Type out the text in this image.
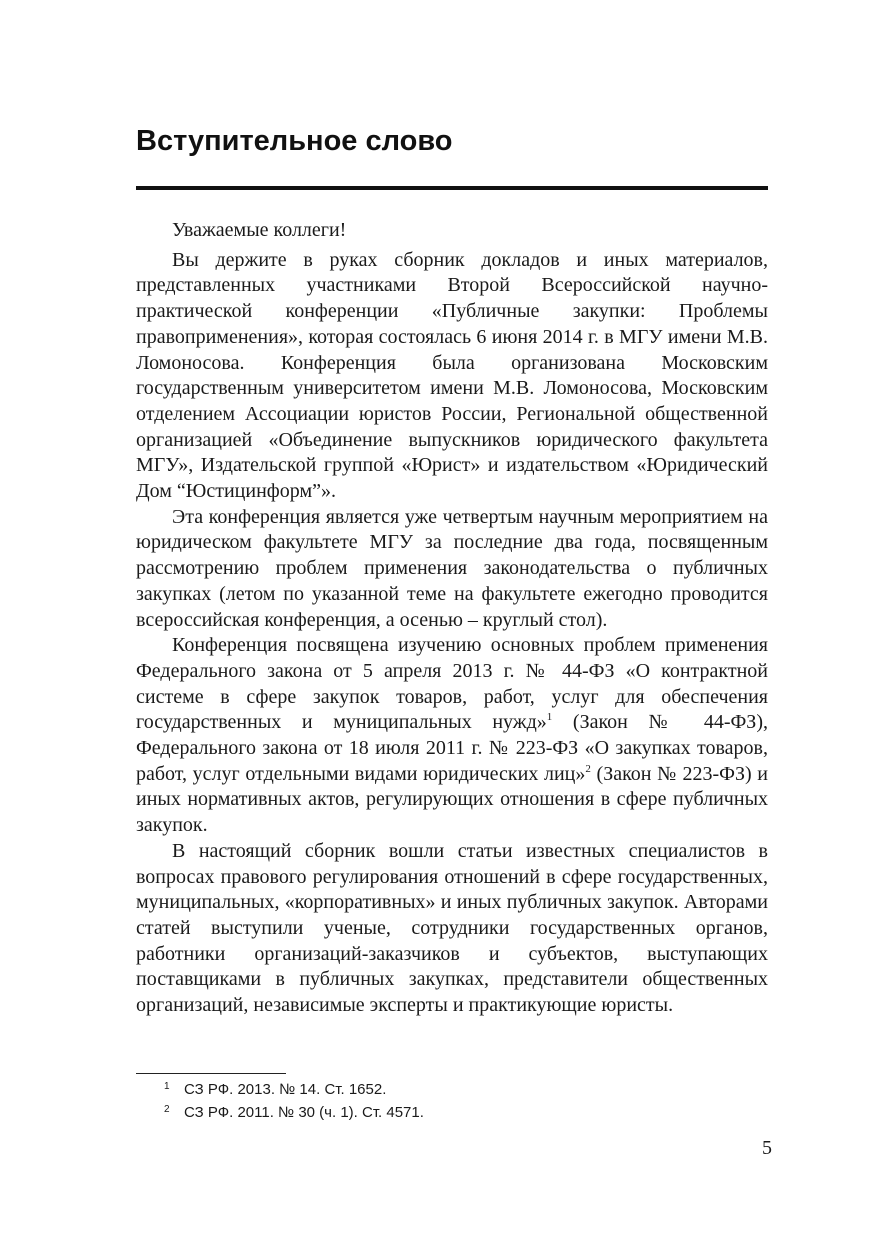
Вступительное слово

Уважаемые коллеги!

Вы держите в руках сборник докладов и иных материалов, представленных участниками Второй Всероссийской научно-практической конференции «Публичные закупки: Проблемы правоприменения», которая состоялась 6 июня 2014 г. в МГУ имени М.В. Ломоносова. Конференция была организована Московским государственным университетом имени М.В. Ломоносова, Московским отделением Ассоциации юристов России, Региональной общественной организацией «Объединение выпускников юридического факультета МГУ», Издательской группой «Юрист» и издательством «Юридический Дом “Юстицинформ”».

Эта конференция является уже четвертым научным мероприятием на юридическом факультете МГУ за последние два года, посвященным рассмотрению проблем применения законодательства о публичных закупках (летом по указанной теме на факультете ежегодно проводится всероссийская конференция, а осенью – круглый стол).

Конференция посвящена изучению основных проблем применения Федерального закона от 5 апреля 2013 г. № 44-ФЗ «О контрактной системе в сфере закупок товаров, работ, услуг для обеспечения государственных и муниципальных нужд»$^1$ (Закон № 44-ФЗ), Федерального закона от 18 июля 2011 г. № 223-ФЗ «О закупках товаров, работ, услуг отдельными видами юридических лиц»$^2$ (Закон № 223-ФЗ) и иных нормативных актов, регулирующих отношения в сфере публичных закупок.

В настоящий сборник вошли статьи известных специалистов в вопросах правового регулирования отношений в сфере государственных, муниципальных, «корпоративных» и иных публичных закупок. Авторами статей выступили ученые, сотрудники государственных органов, работники организаций-заказчиков и субъектов, выступающих поставщиками в публичных закупках, представители общественных организаций, независимые эксперты и практикующие юристы.

1 СЗ РФ. 2013. № 14. Ст. 1652.
2 СЗ РФ. 2011. № 30 (ч. 1). Ст. 4571.
5
